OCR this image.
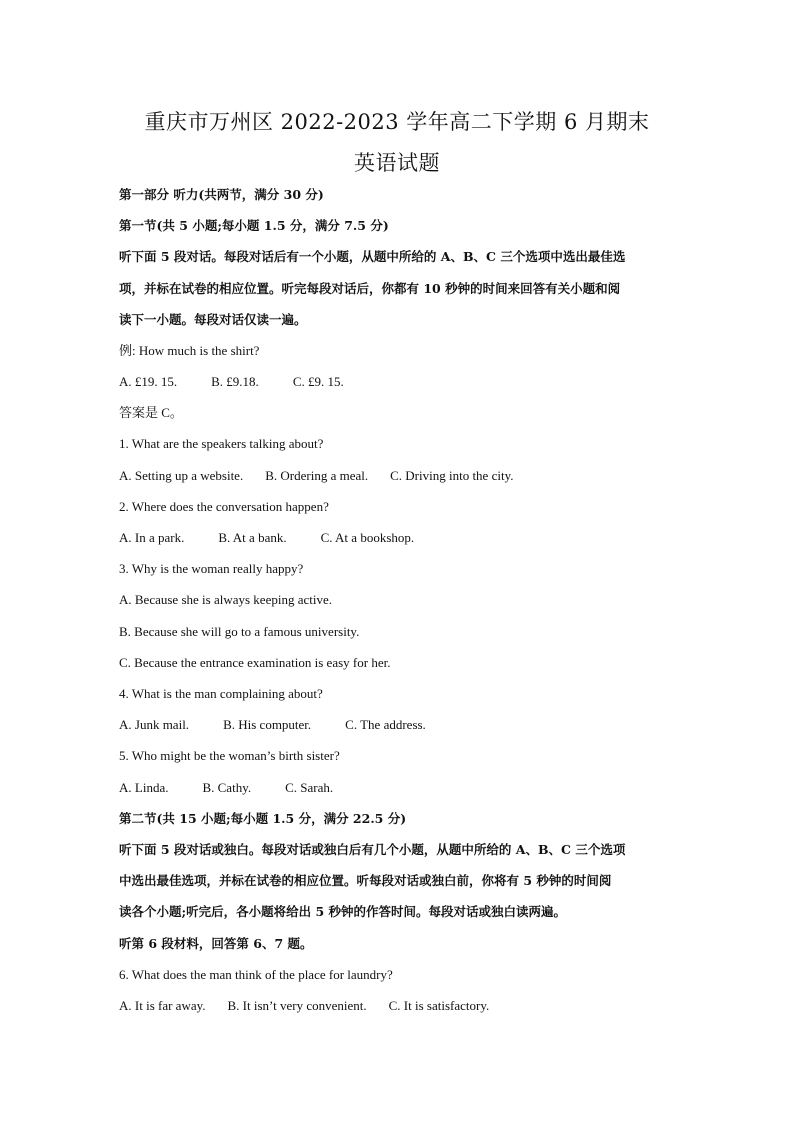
重庆市万州区 2022-2023 学年高二下学期 6 月期末
英语试题
第一部分 听力(共两节，满分 30 分)
第一节(共 5 小题;每小题 1.5 分，满分 7.5 分)
听下面 5 段对话。每段对话后有一个小题，从题中所给的 A、B、C 三个选项中选出最佳选
项，并标在试卷的相应位置。听完每段对话后，你都有 10 秒钟的时间来回答有关小题和阅
读下一小题。每段对话仅读一遍。
例: How much is the shirt?
A. £19. 15.	B. £9.18.	C. £9. 15.
答案是 C。
1. What are the speakers talking about?
A. Setting up a website. B. Ordering a meal. C. Driving into the city.
2. Where does the conversation happen?
A. In a park.	B. At a bank.	C. At a bookshop.
3. Why is the woman really happy?
A. Because she is always keeping active.
B. Because she will go to a famous university.
C. Because the entrance examination is easy for her.
4. What is the man complaining about?
A. Junk mail.	B. His computer.	C. The address.
5. Who might be the woman’s birth sister?
A. Linda.	B. Cathy.	C. Sarah.
第二节(共 15 小题;每小题 1.5 分，满分 22.5 分)
听下面 5 段对话或独白。每段对话或独白后有几个小题，从题中所给的 A、B、C 三个选项
中选出最佳选项，并标在试卷的相应位置。听每段对话或独白前，你将有 5 秒钟的时间阅
读各个小题;听完后，各小题将给出 5 秒钟的作答时间。每段对话或独白读两遍。
听第 6 段材料，回答第 6、7 题。
6. What does the man think of the place for laundry?
A. It is far away. B. It isn’t very convenient. C. It is satisfactory.
